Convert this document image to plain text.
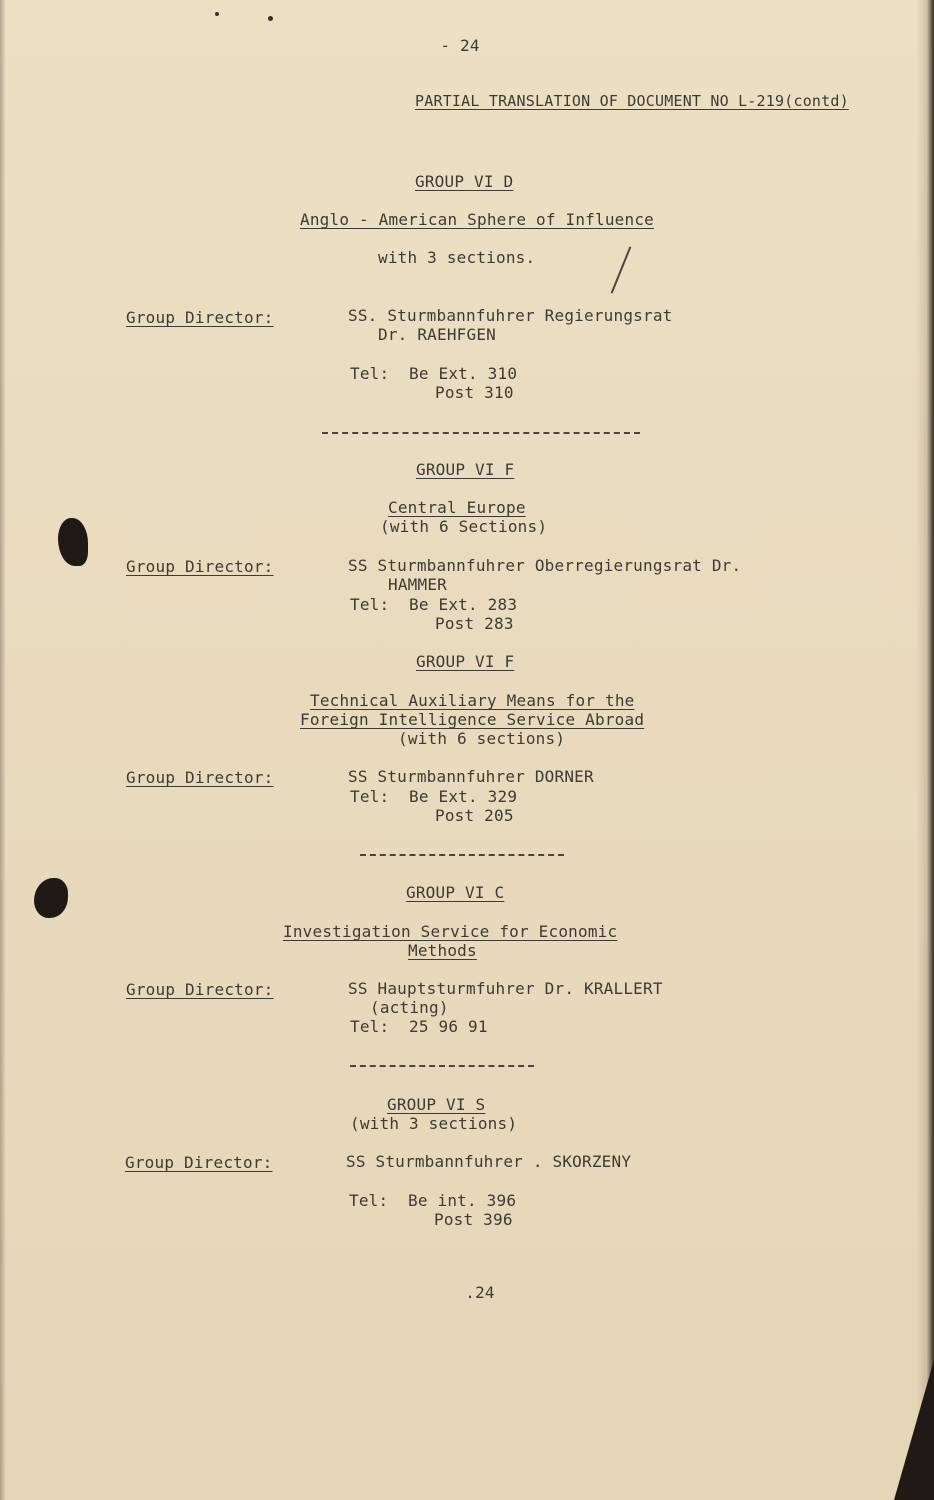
- 24
PARTIAL TRANSLATION OF DOCUMENT NO L-219(contd)
GROUP VI D
Anglo - American Sphere of Influence
with 3 sections.
Group Director:	SS. Sturmbannfuhrer Regierungsrat
Dr. RAEHFGEN
Tel:  Be Ext. 310
Post 310
GROUP VI F
Central Europe
(with 6 Sections)
Group Director:	SS Sturmbannfuhrer Oberregierungsrat Dr.
HAMMER
Tel:  Be Ext. 283
Post 283
GROUP VI F
Technical Auxiliary Means for the
Foreign Intelligence Service Abroad
(with 6 sections)
Group Director:	SS Sturmbannfuhrer DORNER
Tel:  Be Ext. 329
Post 205
GROUP VI C
Investigation Service for Economic
Methods
Group Director:	SS Hauptsturmfuhrer Dr. KRALLERT
(acting)
Tel:  25 96 91
GROUP VI S
(with 3 sections)
Group Director:	SS Sturmbannfuhrer . SKORZENY
Tel:  Be int. 396
Post 396
.24
